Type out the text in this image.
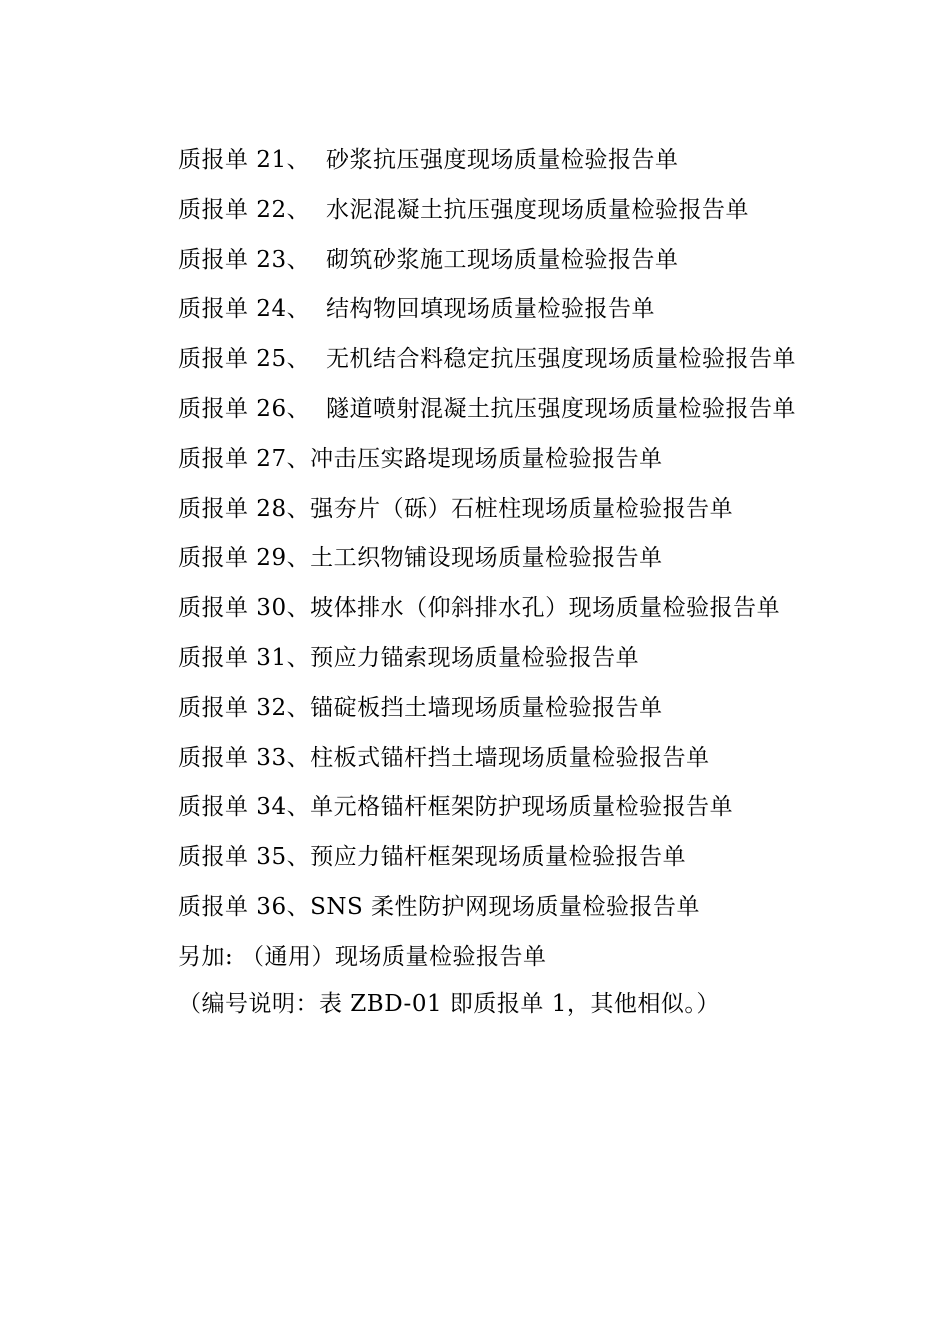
质报单 21、 砂浆抗压强度现场质量检验报告单
质报单 22、 水泥混凝土抗压强度现场质量检验报告单
质报单 23、 砌筑砂浆施工现场质量检验报告单
质报单 24、 结构物回填现场质量检验报告单
质报单 25、 无机结合料稳定抗压强度现场质量检验报告单
质报单 26、 隧道喷射混凝土抗压强度现场质量检验报告单
质报单 27、冲击压实路堤现场质量检验报告单
质报单 28、强夯片（砾）石桩柱现场质量检验报告单
质报单 29、土工织物铺设现场质量检验报告单
质报单 30、坡体排水（仰斜排水孔）现场质量检验报告单
质报单 31、预应力锚索现场质量检验报告单
质报单 32、锚碇板挡土墙现场质量检验报告单
质报单 33、柱板式锚杆挡土墙现场质量检验报告单
质报单 34、单元格锚杆框架防护现场质量检验报告单
质报单 35、预应力锚杆框架现场质量检验报告单
质报单 36、SNS 柔性防护网现场质量检验报告单
另加: （通用）现场质量检验报告单
（编号说明：表 ZBD-01 即质报单 1，其他相似。）
